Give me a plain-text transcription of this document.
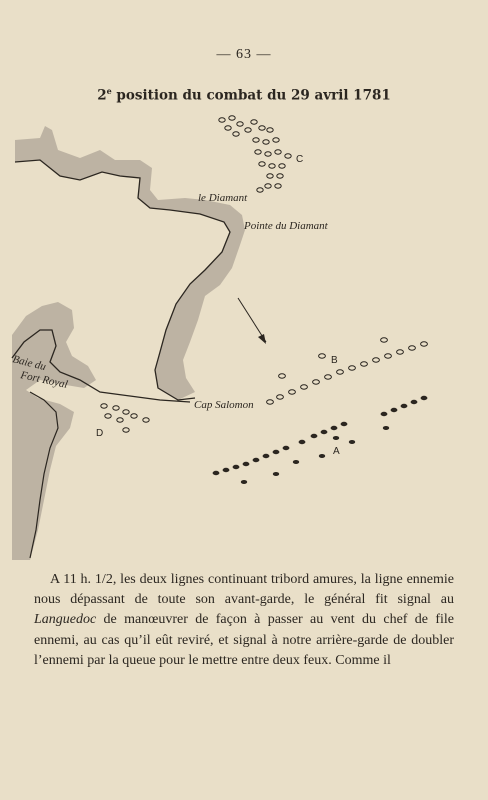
— 63 —
2e position du combat du 29 avril 1781
le Diamant
Pointe du Diamant
Baie du
Fort Royal
Cap Salomon
C
B
A
D

A 11 h. 1/2, les deux lignes continuant tribord amures, la ligne ennemie nous dépassant de toute son avant-garde, le général fit signal au Languedoc de manœuvrer de façon à passer au vent du chef de file ennemi, au cas qu’il eût reviré, et signal à notre arrière-garde de doubler l’ennemi par la queue pour le mettre entre deux feux. Comme il
